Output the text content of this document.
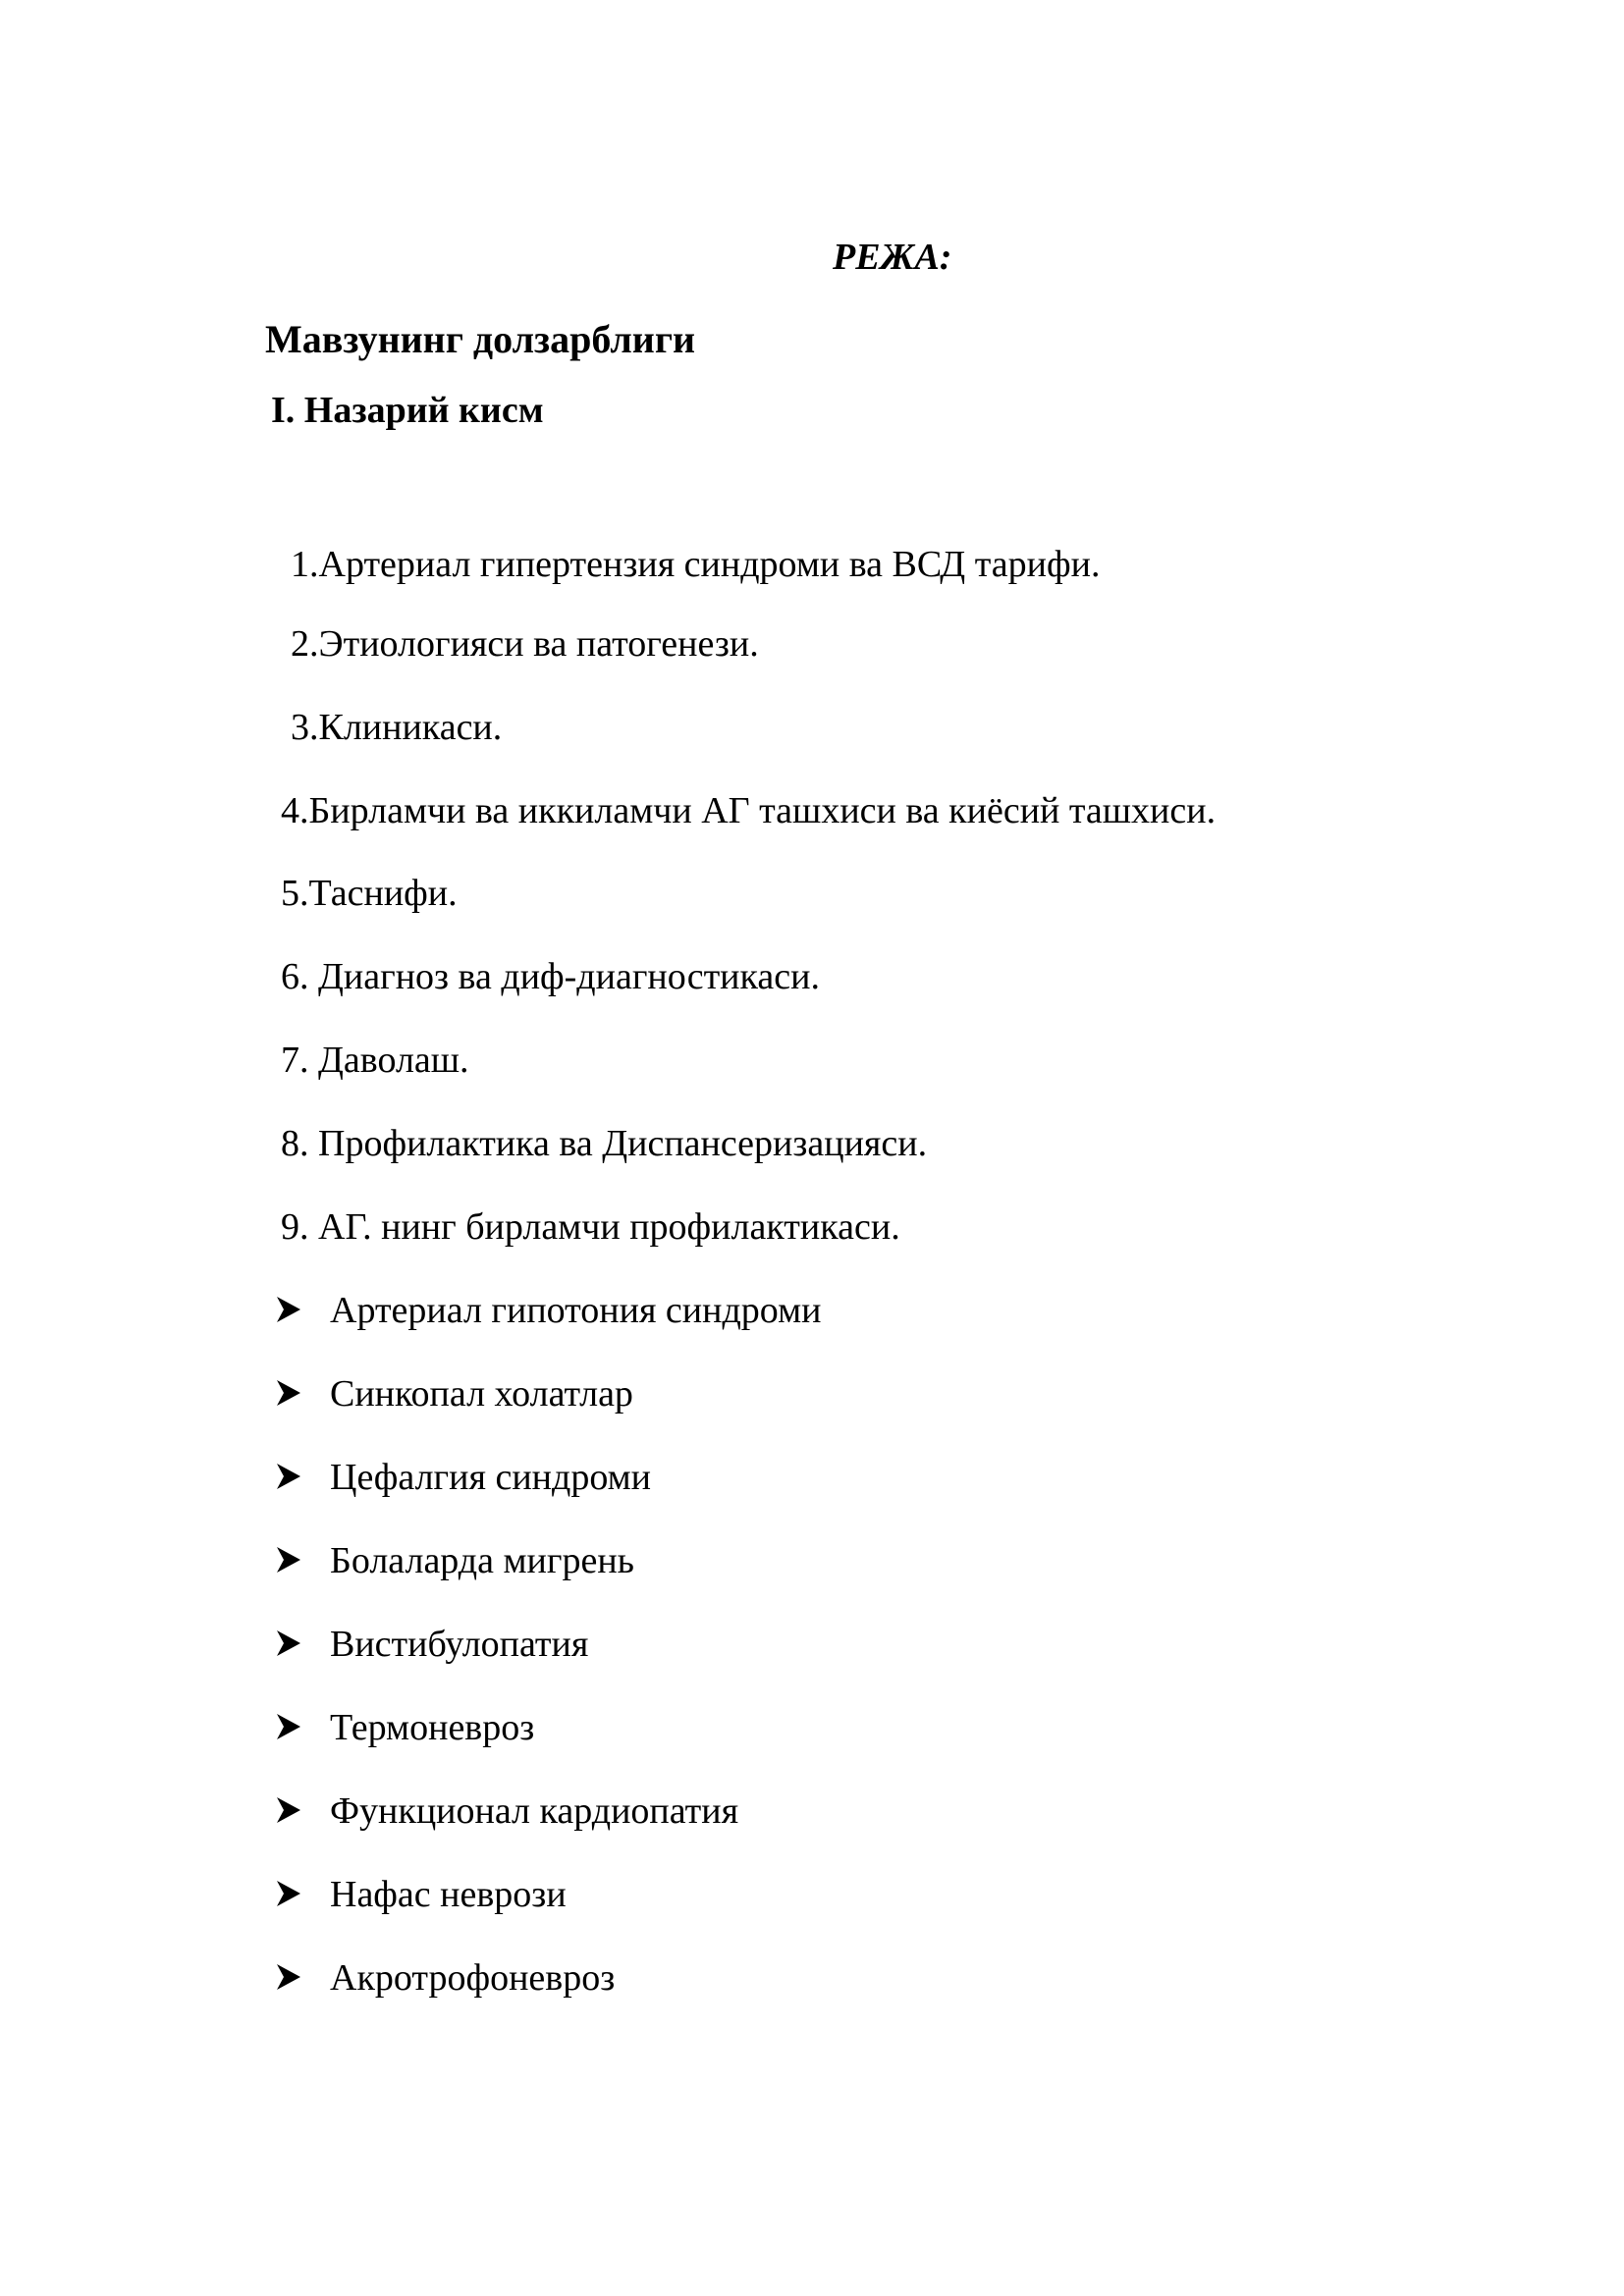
РЕЖА:
Мавзунинг долзарблиги
I. Назарий кисм
1.Артериал гипертензия синдроми ва ВСД тарифи.
2.Этиологияси ва патогенези.
3.Клиникаси.
4.Бирламчи ва иккиламчи АГ ташхиси ва киёсий ташхиси.
5.Таснифи.
6. Диагноз ва диф-диагностикаси.
7. Даволаш.
8. Профилактика ва Диспансеризацияси.
9. АГ. нинг бирламчи профилактикаси.
Артериал гипотония синдроми
Синкопал холатлар
Цефалгия синдроми
Болаларда мигрень
Вистибулопатия
Термоневроз
Функционал кардиопатия
Нафас неврози
Акротрофоневроз
